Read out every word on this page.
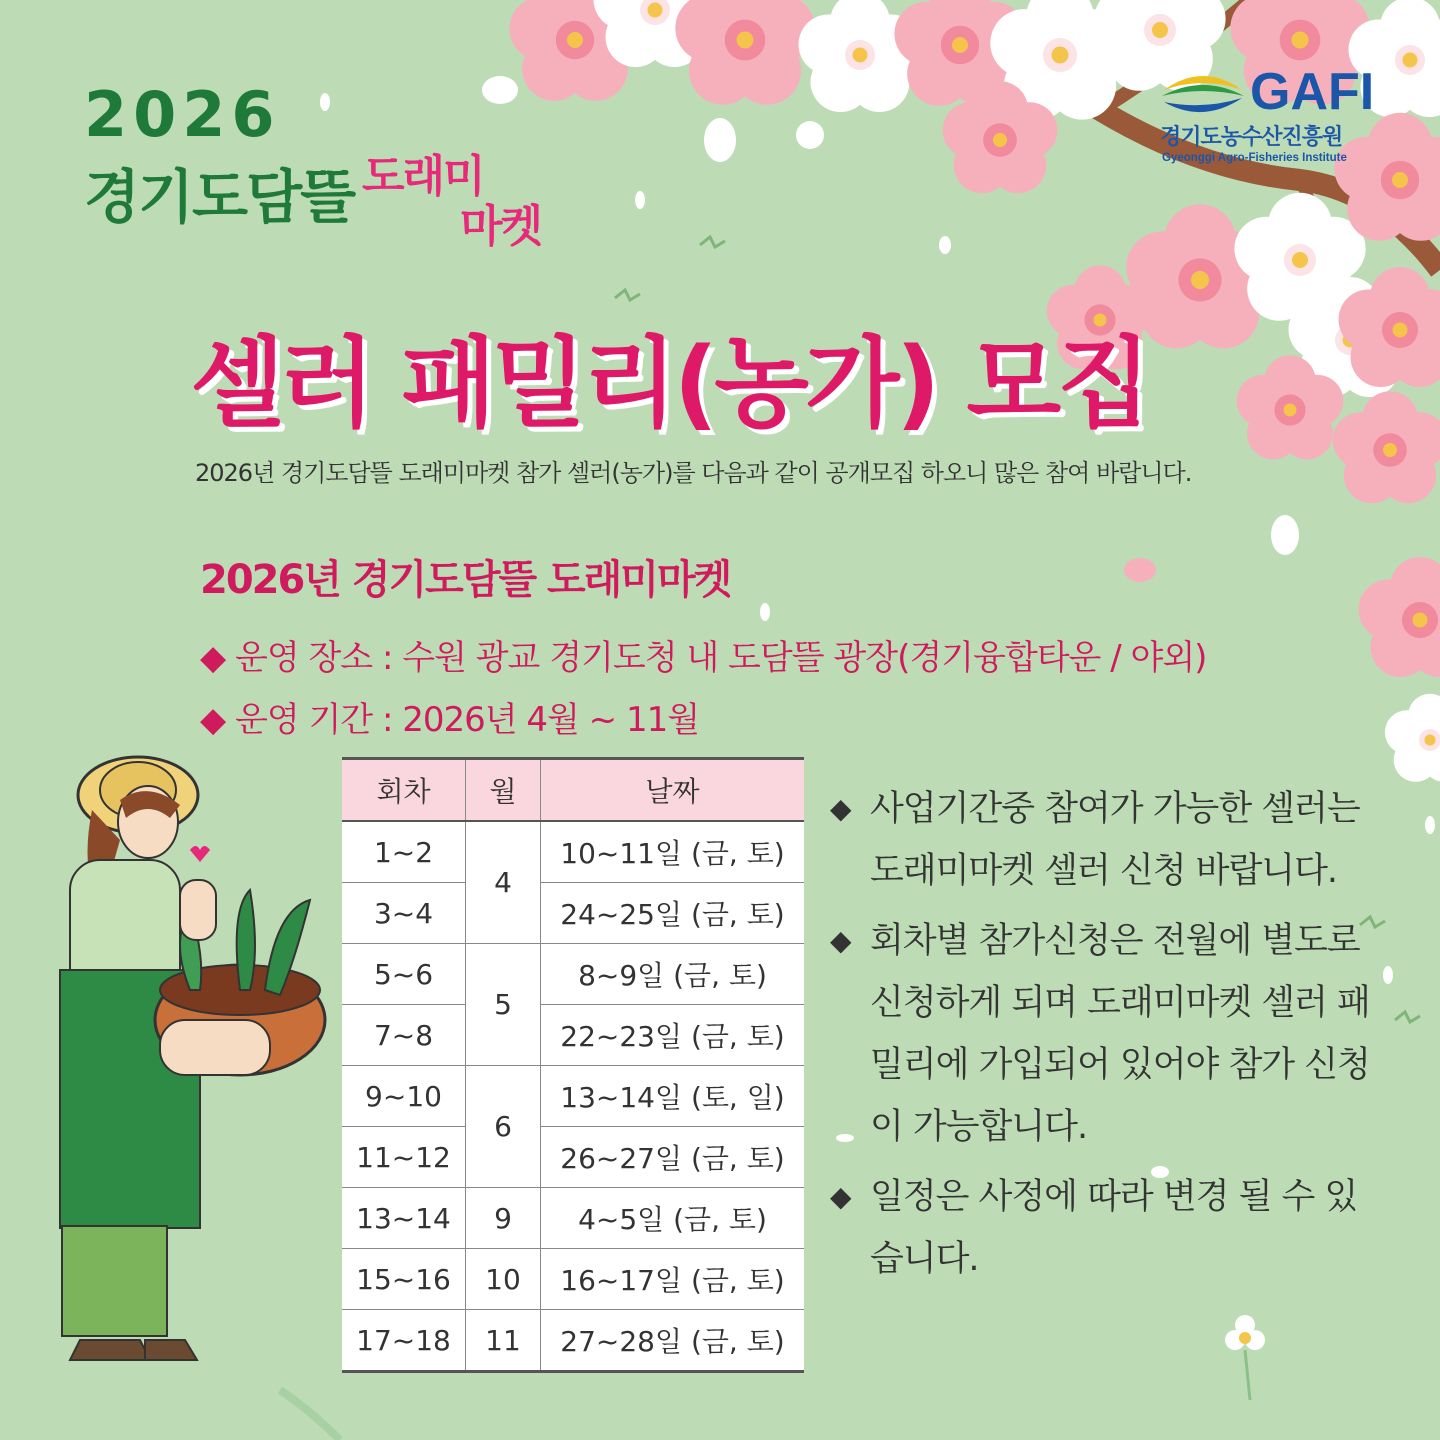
2026
경기도담뜰 도래미
마켓
GAFI
경기도농수산진흥원
Gyeonggi Agro-Fisheries Institute
셀러 패밀리(농가) 모집
2026년 경기도담뜰 도래미마켓 참가 셀러(농가)를 다음과 같이 공개모집 하오니 많은 참여 바랍니다.
2026년 경기도담뜰 도래미마켓
◆ 운영 장소 : 수원 광교 경기도청 내 도담뜰 광장(경기융합타운 / 야외)
◆ 운영 기간 : 2026년 4월 ~ 11월
회차	월	날짜
1~2	4	10~11일 (금, 토)
3~4		24~25일 (금, 토)
5~6	5	8~9일 (금, 토)
7~8		22~23일 (금, 토)
9~10	6	13~14일 (토, 일)
11~12		26~27일 (금, 토)
13~14	9	4~5일 (금, 토)
15~16	10	16~17일 (금, 토)
17~18	11	27~28일 (금, 토)
◆ 사업기간중 참여가 가능한 셀러는 도래미마켓 셀러 신청 바랍니다.
◆ 회차별 참가신청은 전월에 별도로 신청하게 되며 도래미마켓 셀러 패밀리에 가입되어 있어야 참가 신청이 가능합니다.
◆ 일정은 사정에 따라 변경 될 수 있습니다.
